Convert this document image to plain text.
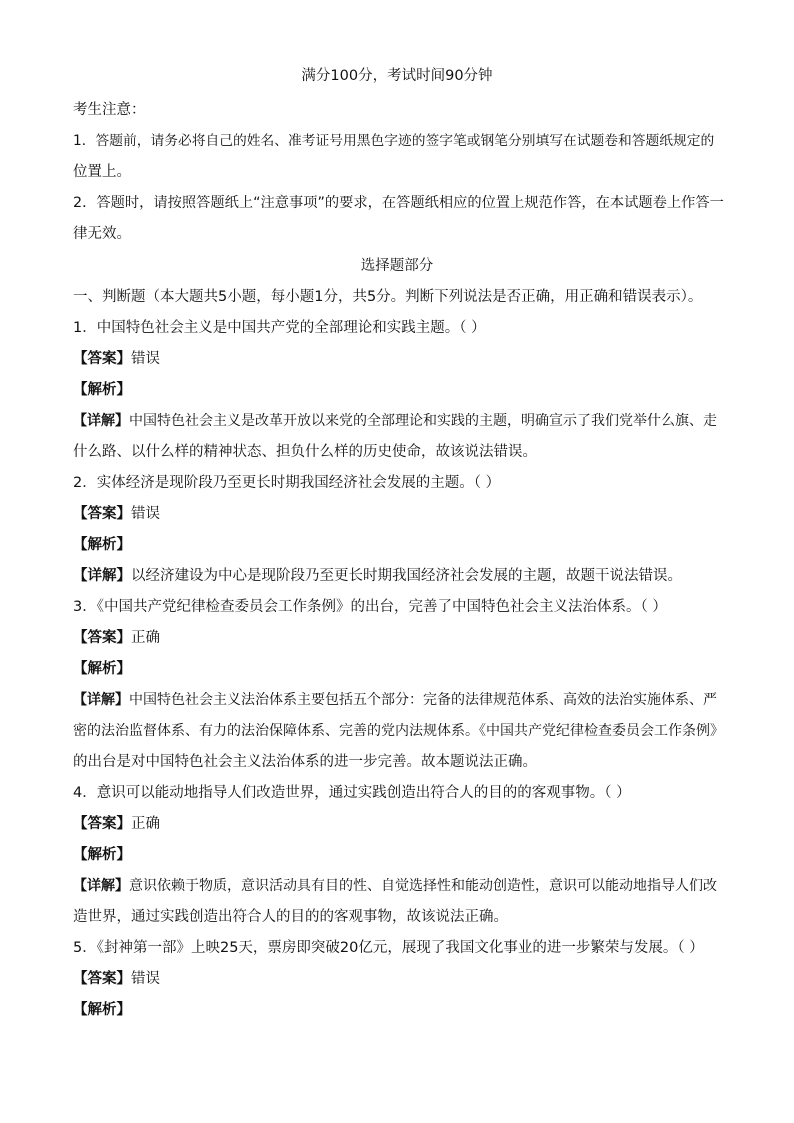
满分100分，考试时间90分钟
考生注意：
1．答题前，请务必将自己的姓名、准考证号用黑色字迹的签字笔或钢笔分别填写在试题卷和答题纸规定的
位置上。
2．答题时，请按照答题纸上“注意事项”的要求，在答题纸相应的位置上规范作答，在本试题卷上作答一
律无效。
选择题部分
一、判断题（本大题共5小题，每小题1分，共5分。判断下列说法是否正确，用正确和错误表示）。
1．中国特色社会主义是中国共产党的全部理论和实践主题。（ ）
【答案】错误
【解析】
【详解】中国特色社会主义是改革开放以来党的全部理论和实践的主题，明确宣示了我们党举什么旗、走
什么路、以什么样的精神状态、担负什么样的历史使命，故该说法错误。
2．实体经济是现阶段乃至更长时期我国经济社会发展的主题。（ ）
【答案】错误
【解析】
【详解】以经济建设为中心是现阶段乃至更长时期我国经济社会发展的主题，故题干说法错误。
3．《中国共产党纪律检查委员会工作条例》的出台，完善了中国特色社会主义法治体系。（ ）
【答案】正确
【解析】
【详解】中国特色社会主义法治体系主要包括五个部分：完备的法律规范体系、高效的法治实施体系、严
密的法治监督体系、有力的法治保障体系、完善的党内法规体系。《中国共产党纪律检查委员会工作条例》
的出台是对中国特色社会主义法治体系的进一步完善。故本题说法正确。
4．意识可以能动地指导人们改造世界，通过实践创造出符合人的目的的客观事物。（ ）
【答案】正确
【解析】
【详解】意识依赖于物质，意识活动具有目的性、自觉选择性和能动创造性，意识可以能动地指导人们改
造世界，通过实践创造出符合人的目的的客观事物，故该说法正确。
5．《封神第一部》上映25天，票房即突破20亿元，展现了我国文化事业的进一步繁荣与发展。（ ）
【答案】错误
【解析】
